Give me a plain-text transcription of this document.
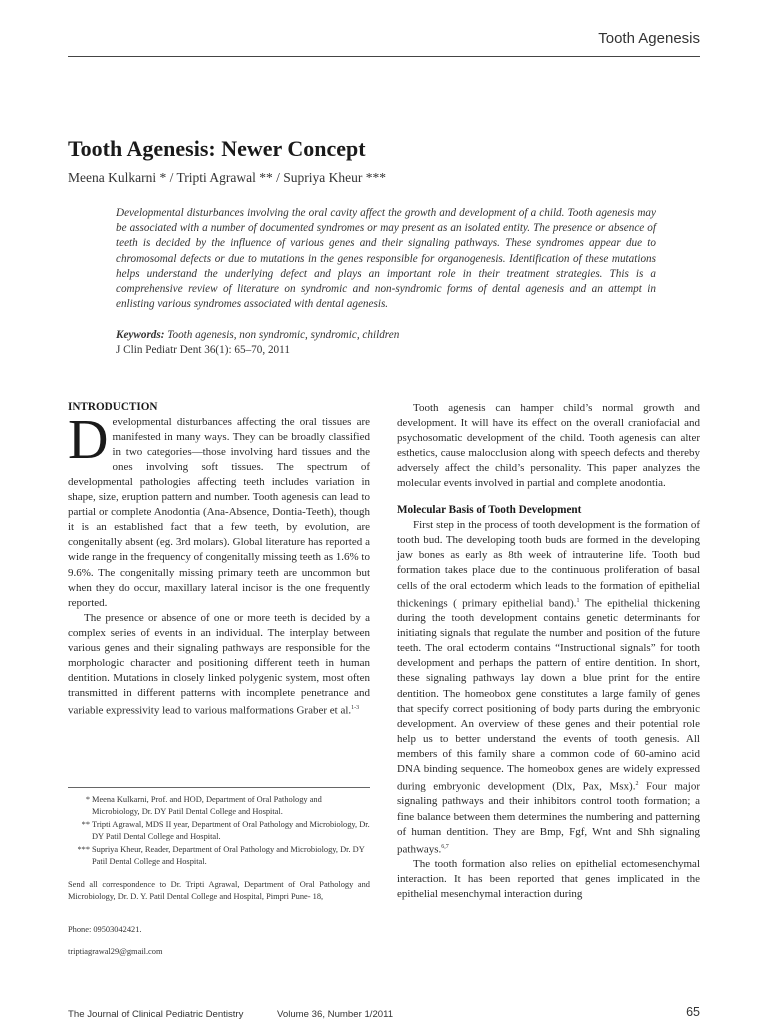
Tooth Agenesis
Tooth Agenesis: Newer Concept
Meena Kulkarni * / Tripti Agrawal ** / Supriya Kheur ***
Developmental disturbances involving the oral cavity affect the growth and development of a child. Tooth agenesis may be associated with a number of documented syndromes or may present as an isolated entity. The presence or absence of teeth is decided by the influence of various genes and their signaling pathways. These syndromes appear due to chromosomal defects or due to mutations in the genes responsible for organogenesis. Identification of these mutations helps understand the underlying defect and plays an important role in their treatment strategies. This is a comprehensive review of literature on syndromic and non-syndromic forms of dental agenesis and an attempt in enlisting various syndromes associated with dental agenesis.
Keywords: Tooth agenesis, non syndromic, syndromic, children
J Clin Pediatr Dent 36(1): 65–70, 2011
INTRODUCTION

Developmental disturbances affecting the oral tissues are manifested in many ways. They can be broadly classified in two categories—those involving hard tissues and the ones involving soft tissues. The spectrum of developmental pathologies affecting teeth includes variation in shape, size, eruption pattern and number. Tooth agenesis can lead to partial or complete Anodontia (Ana-Absence, Dontia-Teeth), though it is an established fact that a few teeth, by evolution, are congenitally absent (eg. 3rd molars). Global literature has reported a wide range in the frequency of congenitally missing teeth as 1.6% to 9.6%. The congenitally missing primary teeth are uncommon but when they do occur, maxillary lateral incisor is the one frequently reported.

The presence or absence of one or more teeth is decided by a complex series of events in an individual. The interplay between various genes and their signaling pathways are responsible for the morphologic character and positioning different teeth in human dentition. Mutations in closely linked polygenic system, most often transmitted in different patterns with incomplete penetrance and variable expressivity lead to various malformations Graber et al.$^{1-3}$

* Meena Kulkarni, Prof. and HOD, Department of Oral Pathology and Microbiology, Dr. DY Patil Dental College and Hospital.
** Tripti Agrawal, MDS II year, Department of Oral Pathology and Microbiology, Dr. DY Patil Dental College and Hospital.
*** Supriya Kheur, Reader, Department of Oral Pathology and Microbiology, Dr. DY Patil Dental College and Hospital.
Send all correspondence to Dr. Tripti Agrawal, Department of Oral Pathology and Microbiology, Dr. D. Y. Patil Dental College and Hospital, Pimpri Pune- 18,
Phone: 09503042421.
triptiagrawal29@gmail.com

Tooth agenesis can hamper child’s normal growth and development. It will have its effect on the overall craniofacial and psychosomatic development of the child. Tooth agenesis can alter esthetics, cause malocclusion along with speech defects and thereby adversely affect the child’s personality. This paper analyzes the molecular events involved in partial and complete anodontia.

Molecular Basis of Tooth Development

First step in the process of tooth development is the formation of tooth bud. The developing tooth buds are formed in the developing jaw bones as early as 8th week of intrauterine life. Tooth bud formation takes place due to the continuous proliferation of basal cells of the oral ectoderm which leads to the formation of epithelial thickenings ( primary epithelial band).$^1$ The epithelial thickening during the tooth development contains genetic determinants for initiating signals that regulate the number and position of the future teeth. The oral ectoderm contains “Instructional signals” for tooth development and perhaps the pattern of entire dentition. In short, these signaling pathways lay down a blue print for the entire dentition. The homeobox gene constitutes a large family of genes that specify correct positioning of body parts during the embryonic development. An overview of these genes and their potential role help us to better understand the events of tooth genesis. All members of this family share a common code of 60-amino acid DNA binding sequence. The homeobox genes are widely expressed during embryonic development (Dlx, Pax, Msx).$^2$ Four major signaling pathways and their inhibitors control tooth formation; a fine balance between them determines the numbering and patterning of human dentition. They are Bmp, Fgf, Wnt and Shh signaling pathways.$^{6,7}$

The tooth formation also relies on epithelial ectomesenchymal interaction. It has been reported that genes implicated in the epithelial mesenchymal interaction during

The Journal of Clinical Pediatric Dentistry	Volume 36, Number 1/2011	65
